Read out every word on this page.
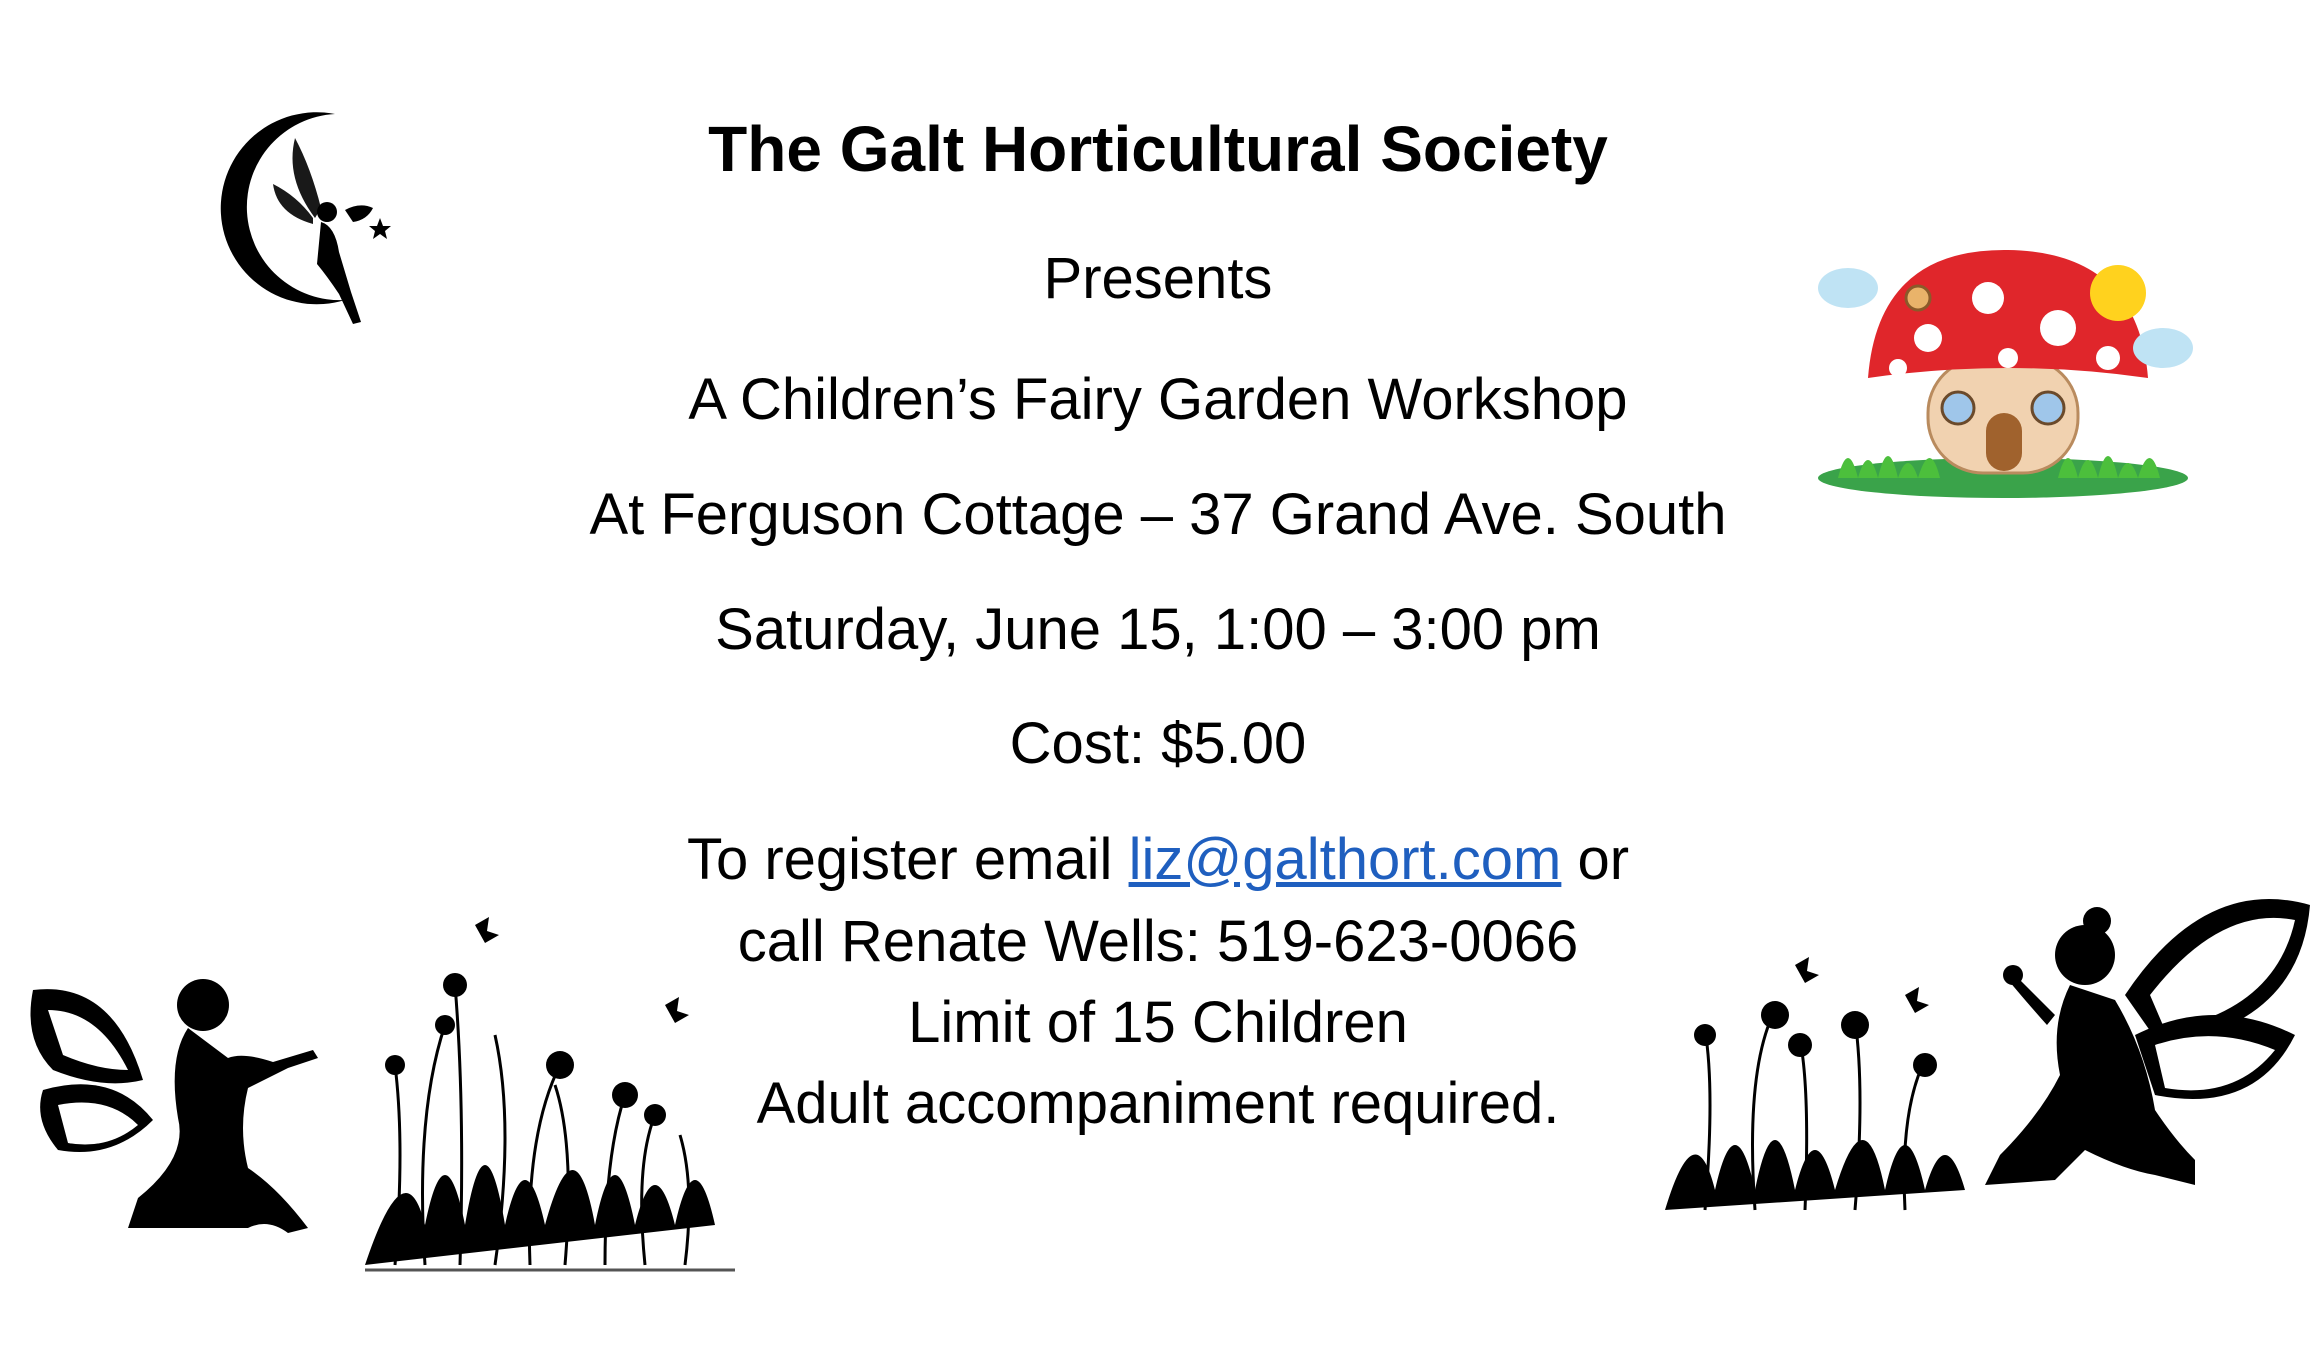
The Galt Horticultural Society
Presents
A Children’s Fairy Garden Workshop
At Ferguson Cottage – 37 Grand Ave. South
Saturday, June 15, 1:00 – 3:00 pm
Cost: $5.00
To register email liz@galthort.com or
call Renate Wells: 519-623-0066
Limit of 15 Children
Adult accompaniment required.
